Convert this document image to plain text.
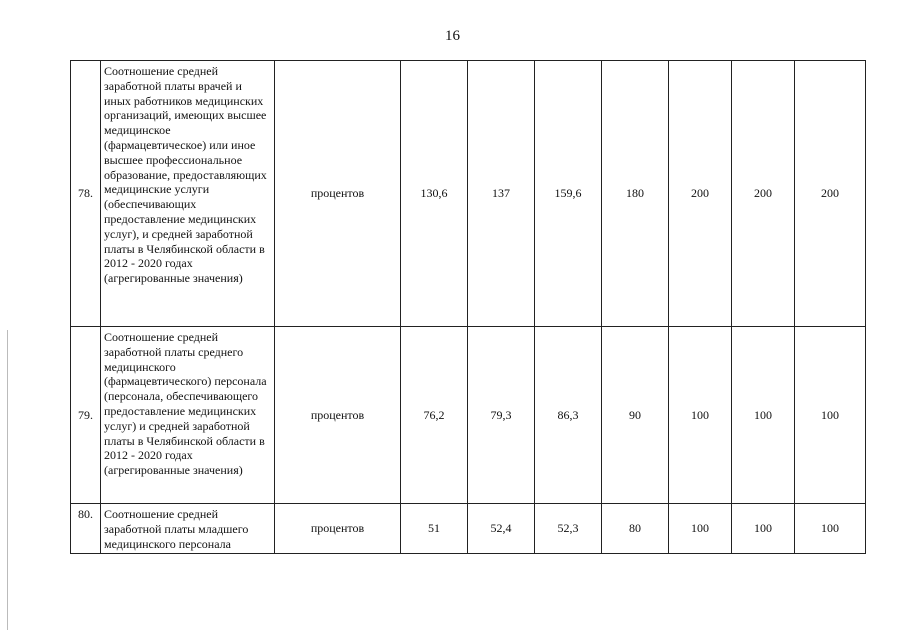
16
78.	Соотношение средней заработной платы врачей и иных работников медицинских организаций, имеющих высшее медицинское (фармацевтическое) или иное высшее профессиональное образование, предоставляющих медицинские услуги (обеспечивающих предоставление медицинских услуг), и средней заработной платы в Челябинской области в 2012 - 2020 годах (агрегированные значения)	процентов	130,6	137	159,6	180	200	200	200
79.	Соотношение средней заработной платы среднего медицинского (фармацевтического) персонала (персонала, обеспечивающего предоставление медицинских услуг) и средней заработной платы в Челябинской области в 2012 - 2020 годах (агрегированные значения)	процентов	76,2	79,3	86,3	90	100	100	100
80.	Соотношение средней заработной платы младшего медицинского персонала	процентов	51	52,4	52,3	80	100	100	100
